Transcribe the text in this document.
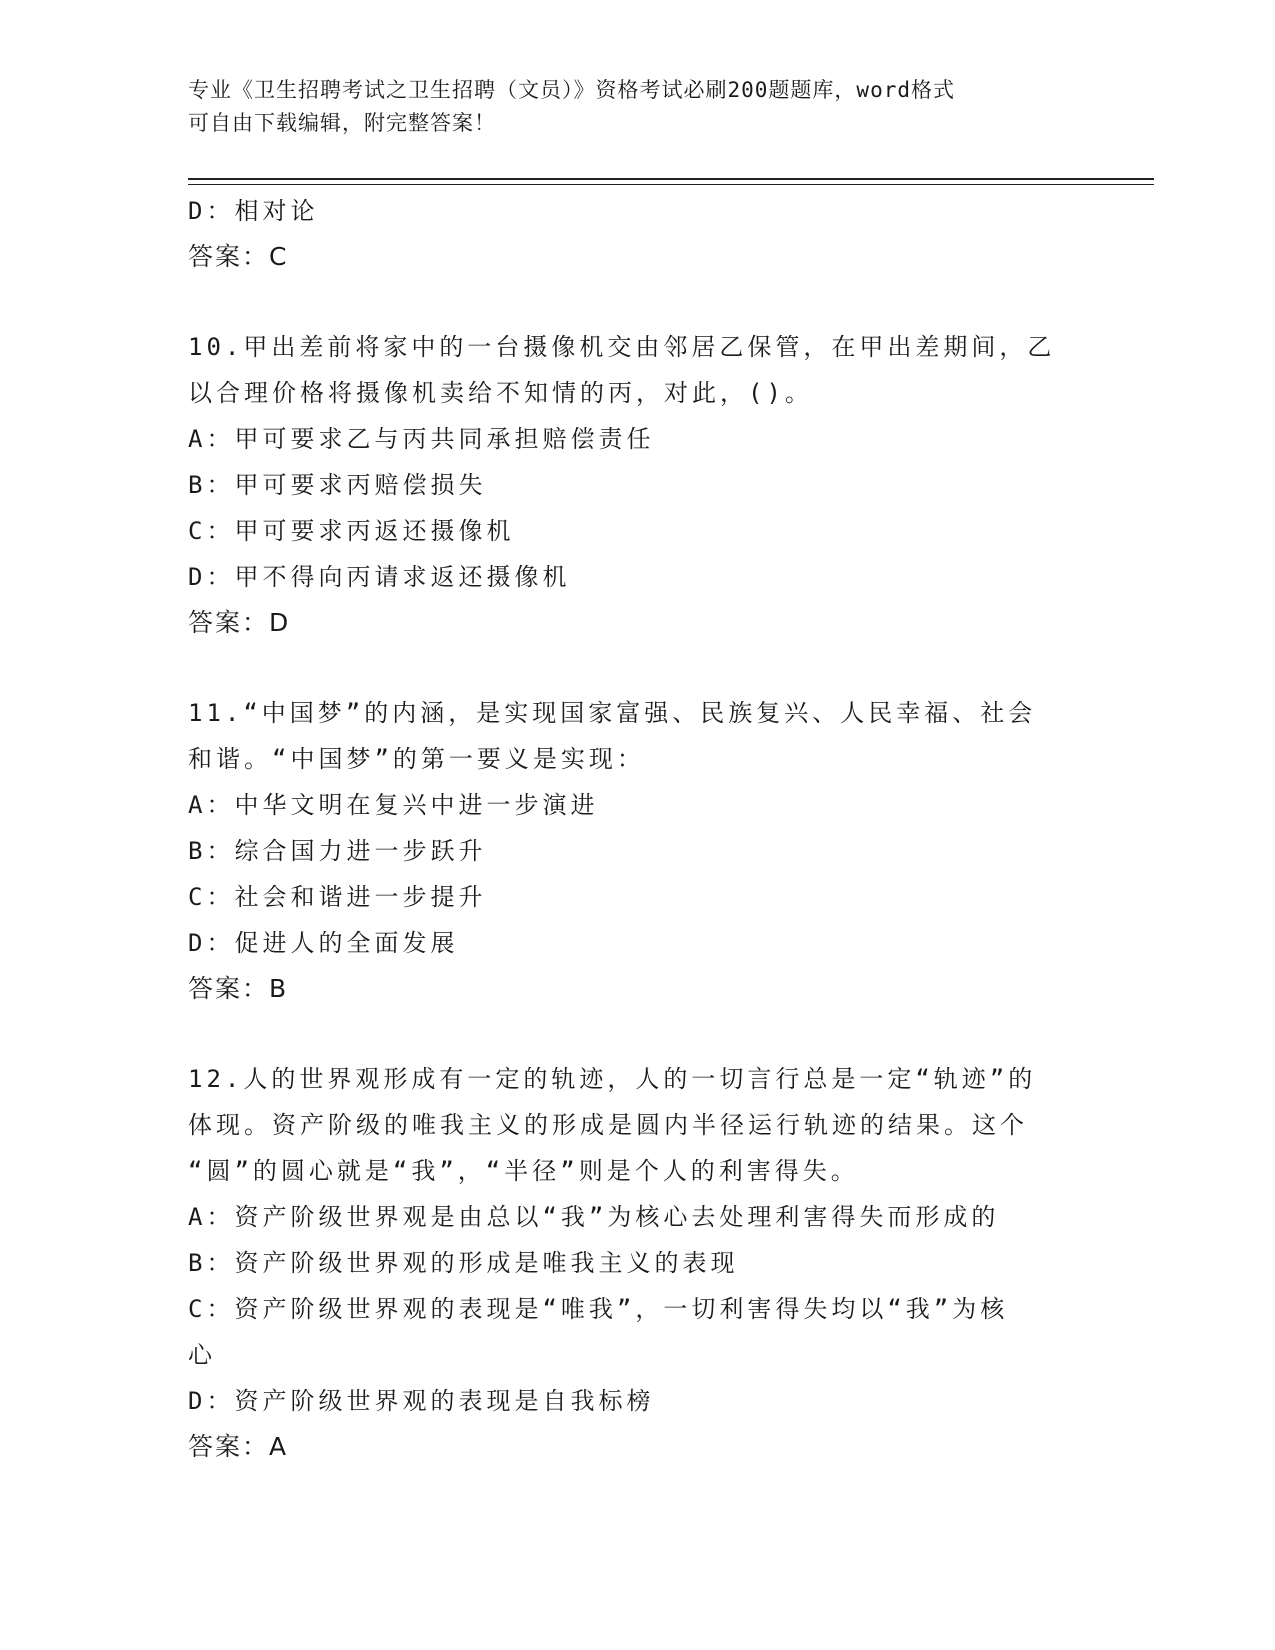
专业《卫生招聘考试之卫生招聘（文员）》资格考试必刷200题题库，word格式
可自由下载编辑，附完整答案！
D：相对论
答案：C
10.甲出差前将家中的一台摄像机交由邻居乙保管，在甲出差期间，乙
以合理价格将摄像机卖给不知情的丙，对此，()。
A：甲可要求乙与丙共同承担赔偿责任
B：甲可要求丙赔偿损失
C：甲可要求丙返还摄像机
D：甲不得向丙请求返还摄像机
答案：D
11.“中国梦”的内涵，是实现国家富强、民族复兴、人民幸福、社会
和谐。“中国梦”的第一要义是实现：
A：中华文明在复兴中进一步演进
B：综合国力进一步跃升
C：社会和谐进一步提升
D：促进人的全面发展
答案：B
12.人的世界观形成有一定的轨迹，人的一切言行总是一定“轨迹”的
体现。资产阶级的唯我主义的形成是圆内半径运行轨迹的结果。这个
“圆”的圆心就是“我”，“半径”则是个人的利害得失。
A：资产阶级世界观是由总以“我”为核心去处理利害得失而形成的
B：资产阶级世界观的形成是唯我主义的表现
C：资产阶级世界观的表现是“唯我”，一切利害得失均以“我”为核
心
D：资产阶级世界观的表现是自我标榜
答案：A
